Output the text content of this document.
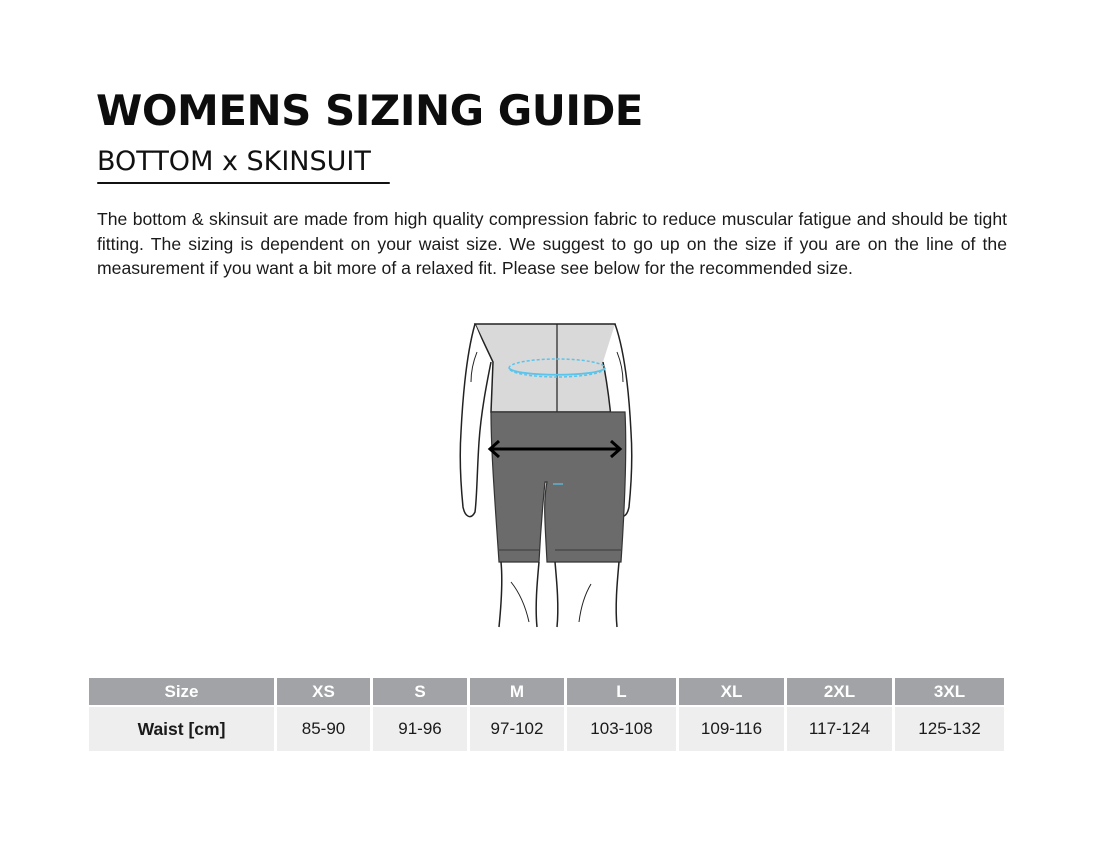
WOMENS SIZING GUIDE
BOTTOM x SKINSUIT

The bottom & skinsuit are made from high quality compression fabric to reduce muscular fatigue and should be tight fitting. The sizing is dependent on your waist size. We suggest to go up on the size if you are on the line of the measurement if you want a bit more of a relaxed fit. Please see below for the recommended size.

Size	XS	S	M	L	XL	2XL	3XL
Waist [cm]	85-90	91-96	97-102	103-108	109-116	117-124	125-132
